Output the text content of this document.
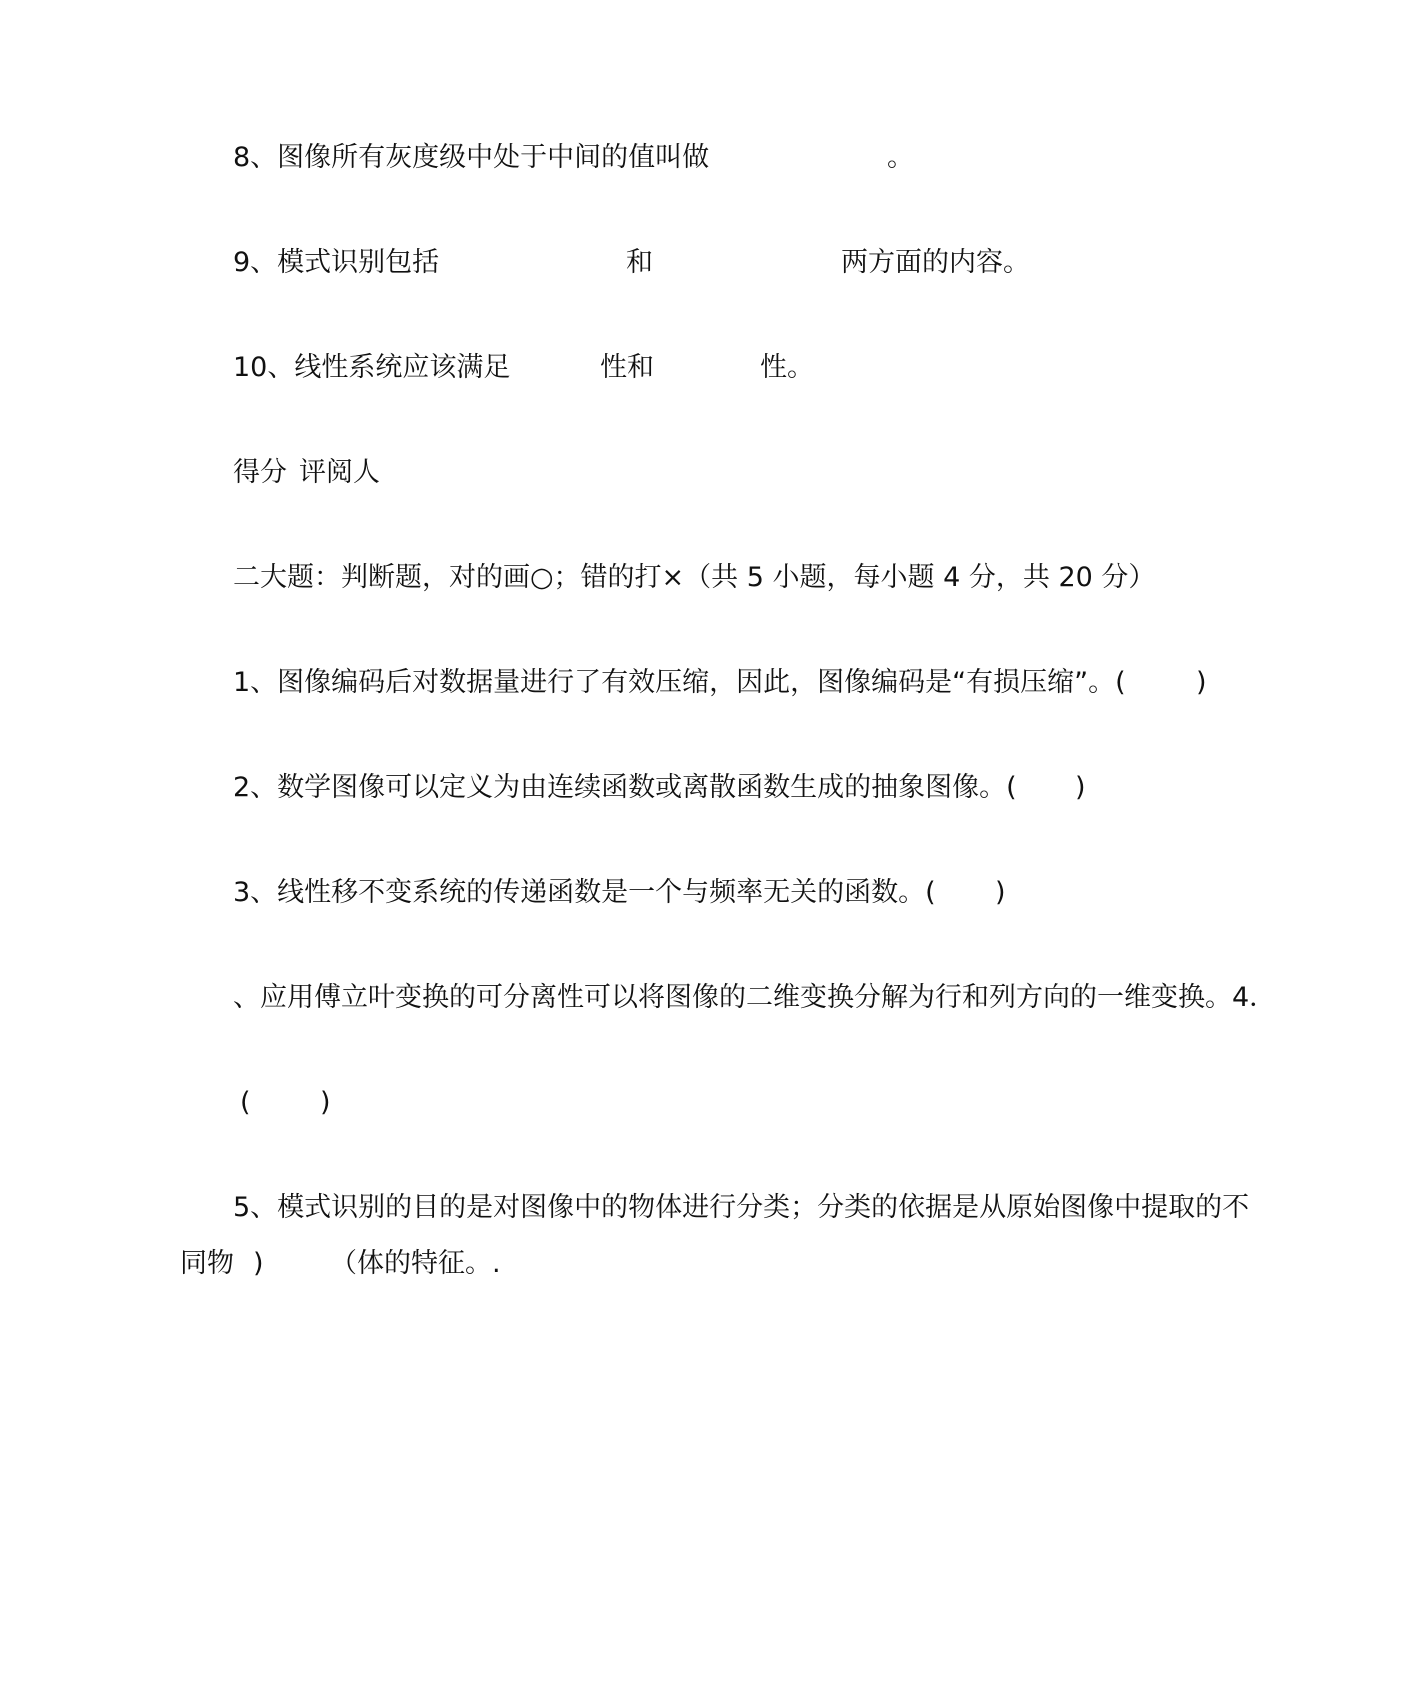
8、图像所有灰度级中处于中间的值叫做

	。

9、模式识别包括

	和

	两方面的内容。

10、线性系统应该满足

	性和

	性。

得分

评阅人

二大题：判断题，对的画○；错的打×（共 5 小题，每小题 4 分，共 20 分）

1、图像编码后对数据量进行了有效压缩，因此，图像编码是“有损压缩”。(

	)

2、数学图像可以定义为由连续函数或离散函数生成的抽象图像。(

)

3、线性移不变系统的传递函数是一个与频率无关的函数。(

)

、应用傅立叶变换的可分离性可以将图像的二维变换分解为行和列方向的一维变换。4．

(

	)

5、模式识别的目的是对图像中的物体进行分类；分类的依据是从原始图像中提取的不

同物

)

（体的特征。.
